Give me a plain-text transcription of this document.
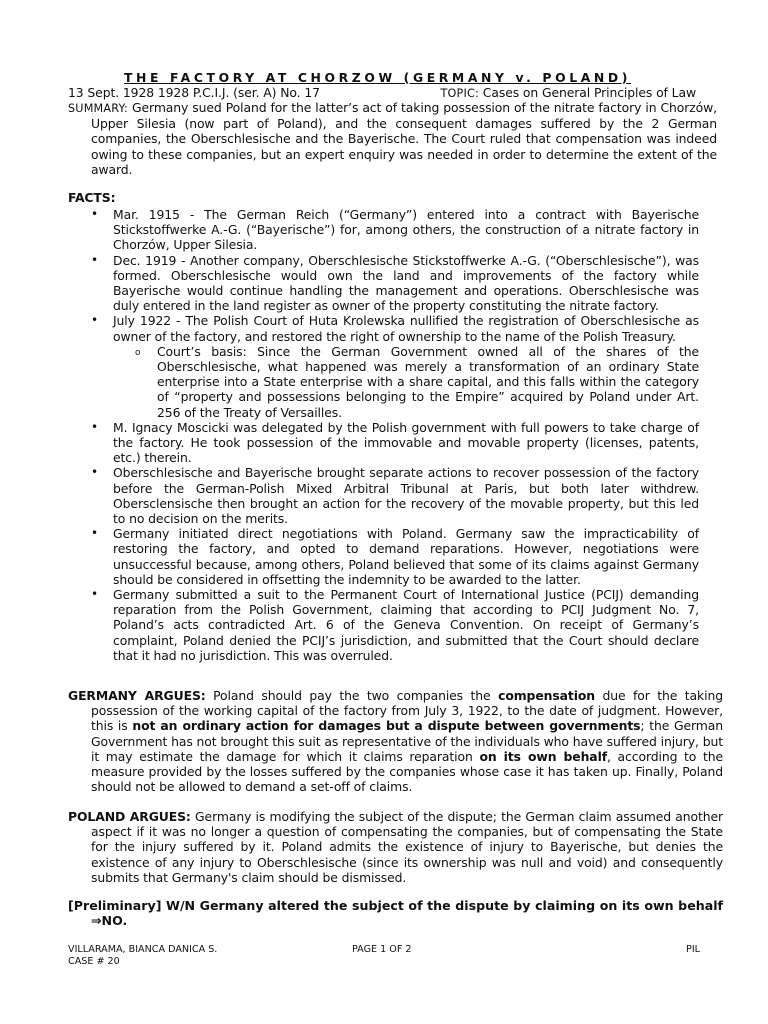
THE FACTORY AT CHORZOW (GERMANY v. POLAND)
13 Sept. 1928 1928 P.C.I.J. (ser. A) No. 17	TOPIC: Cases on General Principles of Law
SUMMARY: Germany sued Poland for the latter’s act of taking possession of the nitrate factory in Chorzów, Upper Silesia (now part of Poland), and the consequent damages suffered by the 2 German companies, the Oberschlesische and the Bayerische. The Court ruled that compensation was indeed owing to these companies, but an expert enquiry was needed in order to determine the extent of the award.
FACTS:
• Mar. 1915 - The German Reich (“Germany”) entered into a contract with Bayerische Stickstoffwerke A.-G. (“Bayerische”) for, among others, the construction of a nitrate factory in Chorzów, Upper Silesia.
• Dec. 1919 - Another company, Oberschlesische Stickstoffwerke A.-G. (“Oberschlesische”), was formed. Oberschlesische would own the land and improvements of the factory while Bayerische would continue handling the management and operations. Oberschlesische was duly entered in the land register as owner of the property constituting the nitrate factory.
• July 1922 - The Polish Court of Huta Krolewska nullified the registration of Oberschlesische as owner of the factory, and restored the right of ownership to the name of the Polish Treasury.
o Court’s basis: Since the German Government owned all of the shares of the Oberschlesische, what happened was merely a transformation of an ordinary State enterprise into a State enterprise with a share capital, and this falls within the category of “property and possessions belonging to the Empire” acquired by Poland under Art. 256 of the Treaty of Versailles.
• M. Ignacy Moscicki was delegated by the Polish government with full powers to take charge of the factory. He took possession of the immovable and movable property (licenses, patents, etc.) therein.
• Oberschlesische and Bayerische brought separate actions to recover possession of the factory before the German-Polish Mixed Arbitral Tribunal at Paris, but both later withdrew. Obersclensische then brought an action for the recovery of the movable property, but this led to no decision on the merits.
• Germany initiated direct negotiations with Poland. Germany saw the impracticability of restoring the factory, and opted to demand reparations. However, negotiations were unsuccessful because, among others, Poland believed that some of its claims against Germany should be considered in offsetting the indemnity to be awarded to the latter.
• Germany submitted a suit to the Permanent Court of International Justice (PCIJ) demanding reparation from the Polish Government, claiming that according to PCIJ Judgment No. 7, Poland’s acts contradicted Art. 6 of the Geneva Convention. On receipt of Germany’s complaint, Poland denied the PCIJ’s jurisdiction, and submitted that the Court should declare that it had no jurisdiction. This was overruled.
GERMANY ARGUES: Poland should pay the two companies the compensation due for the taking possession of the working capital of the factory from July 3, 1922, to the date of judgment. However, this is not an ordinary action for damages but a dispute between governments; the German Government has not brought this suit as representative of the individuals who have suffered injury, but it may estimate the damage for which it claims reparation on its own behalf, according to the measure provided by the losses suffered by the companies whose case it has taken up. Finally, Poland should not be allowed to demand a set-off of claims.
POLAND ARGUES: Germany is modifying the subject of the dispute; the German claim assumed another aspect if it was no longer a question of compensating the companies, but of compensating the State for the injury suffered by it. Poland admits the existence of injury to Bayerische, but denies the existence of any injury to Oberschlesische (since its ownership was null and void) and consequently submits that Germany's claim should be dismissed.
[Preliminary] W/N Germany altered the subject of the dispute by claiming on its own behalf ⇒NO.
VILLARAMA, BIANCA DANICA S.
CASE # 20
PAGE 1 OF 2	PIL
